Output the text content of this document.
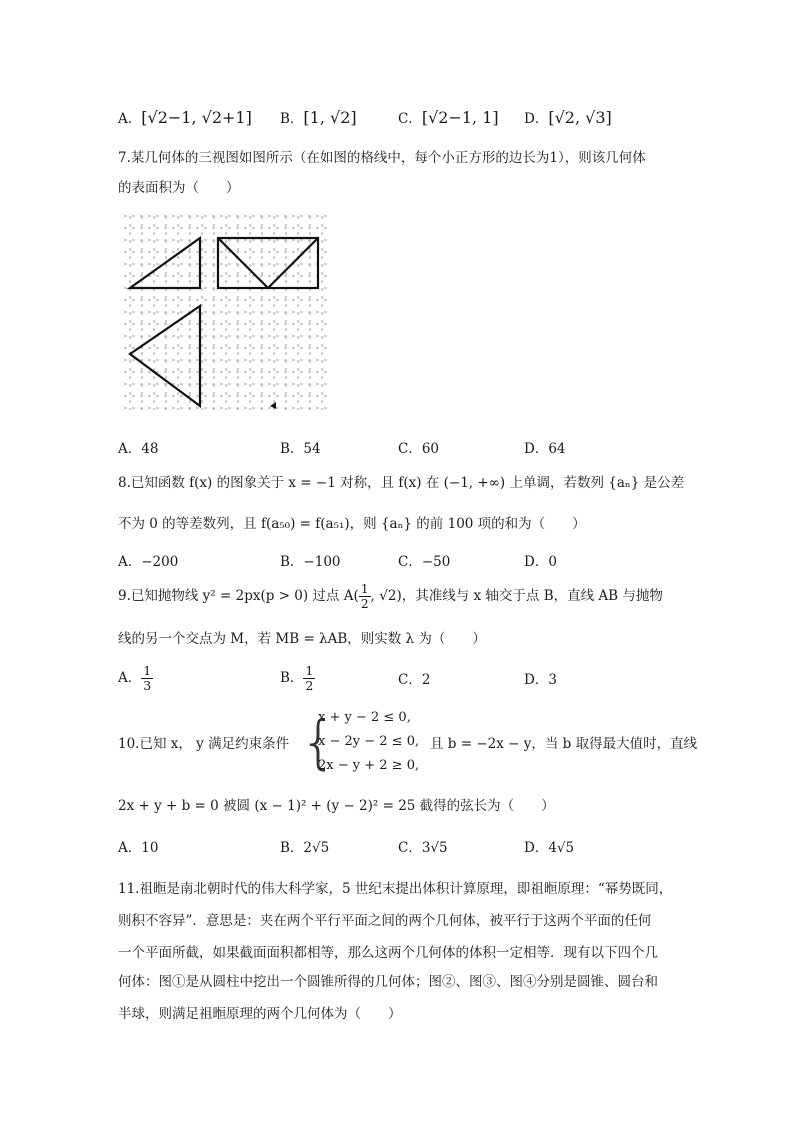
A．[√2−1, √2+1] B．[1, √2]	C．[√2−1, 1] D．[√2, √3]
7.某几何体的三视图如图所示（在如图的格线中，每个小正方形的边长为1），则该几何体
的表面积为（　　）
A．48	B．54	C．60	D．64
8.已知函数 f(x) 的图象关于 x = −1 对称，且 f(x) 在 (−1, +∞) 上单调，若数列 {aₙ} 是公差
不为 0 的等差数列，且 f(a₅₀) = f(a₅₁)，则 {aₙ} 的前 100 项的和为（　　）
A．−200	B．−100	C．−50	D．0
9.已知抛物线 y² = 2px(p > 0) 过点 $A( \frac{1}{2}$ , √2)，其准线与 x 轴交于点 B，直线 AB 与抛物
线的另一个交点为 M，若 MB = λAB，则实数 λ 为（　　）
A． $\frac{1}{3}$	B． $\frac{1}{2}$	C．2	D．3
10.已知 x， y 满足约束条件 {
x + y − 2 ≤ 0,
x − 2y − 2 ≤ 0,
2x − y + 2 ≥ 0,
且 b = −2x − y，当 b 取得最大值时，直线
2x + y + b = 0 被圆 (x − 1)² + (y − 2)² = 25 截得的弦长为（　　）
A．10	B．2√5	C．3√5	D．4√5
11.祖暅是南北朝时代的伟大科学家，5 世纪末提出体积计算原理，即祖暅原理：“幂势既同，
则积不容异”．意思是：夹在两个平行平面之间的两个几何体，被平行于这两个平面的任何
一个平面所截，如果截面面积都相等，那么这两个几何体的体积一定相等．现有以下四个几
何体：图①是从圆柱中挖出一个圆锥所得的几何体；图②、图③、图④分别是圆锥、圆台和
半球，则满足祖暅原理的两个几何体为（　　）
